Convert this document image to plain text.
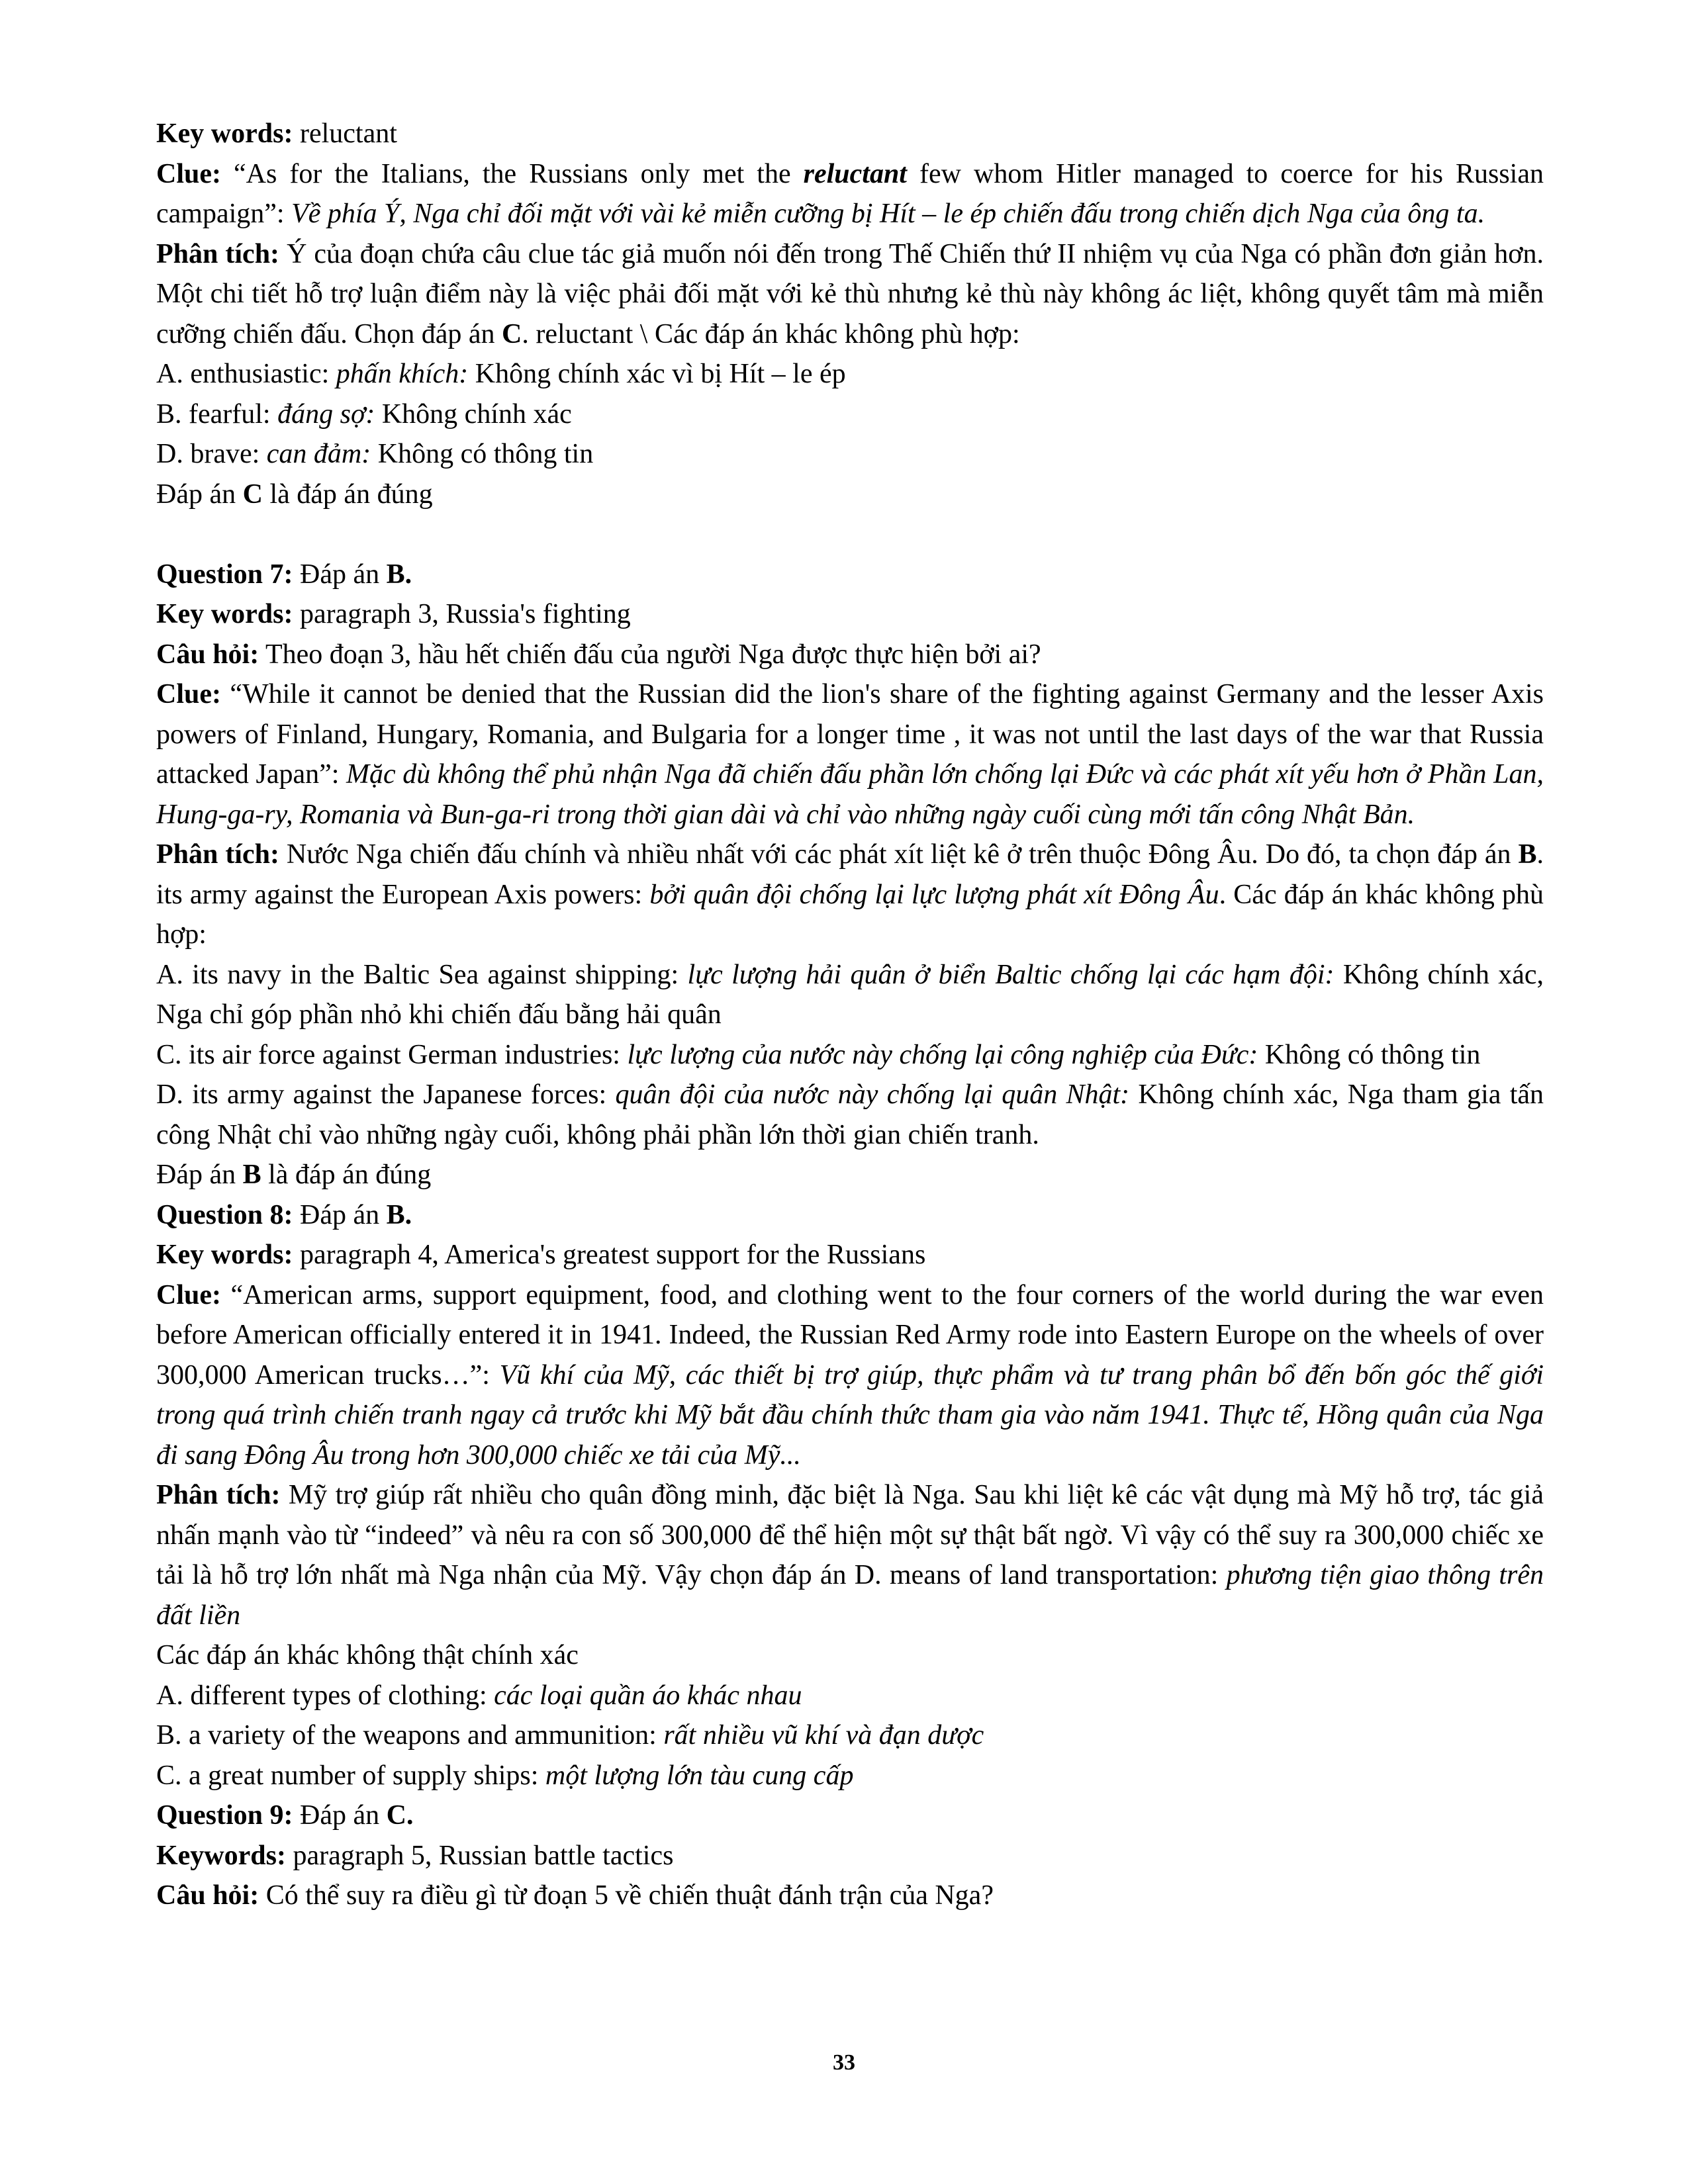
Key words: reluctant

Clue: “As for the Italians, the Russians only met the reluctant few whom Hitler managed to coerce for his Russian campaign”: Về phía Ý, Nga chỉ đối mặt với vài kẻ miễn cưỡng bị Hít – le ép chiến đấu trong chiến dịch Nga của ông ta.

Phân tích: Ý của đoạn chứa câu clue tác giả muốn nói đến trong Thế Chiến thứ II nhiệm vụ của Nga có phần đơn giản hơn. Một chi tiết hỗ trợ luận điểm này là việc phải đối mặt với kẻ thù nhưng kẻ thù này không ác liệt, không quyết tâm mà miễn cưỡng chiến đấu. Chọn đáp án C. reluctant \ Các đáp án khác không phù hợp:

A. enthusiastic: phấn khích: Không chính xác vì bị Hít – le ép

B. fearful: đáng sợ: Không chính xác

D. brave: can đảm: Không có thông tin

Đáp án C là đáp án đúng

Question 7: Đáp án B.

Key words: paragraph 3, Russia's fighting

Câu hỏi: Theo đoạn 3, hầu hết chiến đấu của người Nga được thực hiện bởi ai?

Clue: “While it cannot be denied that the Russian did the lion's share of the fighting against Germany and the lesser Axis powers of Finland, Hungary, Romania, and Bulgaria for a longer time , it was not until the last days of the war that Russia attacked Japan”: Mặc dù không thể phủ nhận Nga đã chiến đấu phần lớn chống lại Đức và các phát xít yếu hơn ở Phần Lan, Hung-ga-ry, Romania và Bun-ga-ri trong thời gian dài và chỉ vào những ngày cuối cùng mới tấn công Nhật Bản.

Phân tích: Nước Nga chiến đấu chính và nhiều nhất với các phát xít liệt kê ở trên thuộc Đông Âu. Do đó, ta chọn đáp án B. its army against the European Axis powers: bởi quân đội chống lại lực lượng phát xít Đông Âu. Các đáp án khác không phù hợp:

A. its navy in the Baltic Sea against shipping: lực lượng hải quân ở biển Baltic chống lại các hạm đội: Không chính xác, Nga chỉ góp phần nhỏ khi chiến đấu bằng hải quân

C. its air force against German industries: lực lượng của nước này chống lại công nghiệp của Đức: Không có thông tin

D. its army against the Japanese forces: quân đội của nước này chống lại quân Nhật: Không chính xác, Nga tham gia tấn công Nhật chỉ vào những ngày cuối, không phải phần lớn thời gian chiến tranh.

Đáp án B là đáp án đúng

Question 8: Đáp án B.

Key words: paragraph 4, America's greatest support for the Russians

Clue: “American arms, support equipment, food, and clothing went to the four corners of the world during the war even before American officially entered it in 1941. Indeed, the Russian Red Army rode into Eastern Europe on the wheels of over 300,000 American trucks…”: Vũ khí của Mỹ, các thiết bị trợ giúp, thực phẩm và tư trang phân bổ đến bốn góc thế giới trong quá trình chiến tranh ngay cả trước khi Mỹ bắt đầu chính thức tham gia vào năm 1941. Thực tế, Hồng quân của Nga đi sang Đông Âu trong hơn 300,000 chiếc xe tải của Mỹ...

Phân tích: Mỹ trợ giúp rất nhiều cho quân đồng minh, đặc biệt là Nga. Sau khi liệt kê các vật dụng mà Mỹ hỗ trợ, tác giả nhấn mạnh vào từ “indeed” và nêu ra con số 300,000 để thể hiện một sự thật bất ngờ. Vì vậy có thể suy ra 300,000 chiếc xe tải là hỗ trợ lớn nhất mà Nga nhận của Mỹ. Vậy chọn đáp án D. means of land transportation: phương tiện giao thông trên đất liền

Các đáp án khác không thật chính xác

A. different types of clothing: các loại quần áo khác nhau

B. a variety of the weapons and ammunition: rất nhiều vũ khí và đạn dược

C. a great number of supply ships: một lượng lớn tàu cung cấp

Question 9: Đáp án C.

Keywords: paragraph 5, Russian battle tactics

Câu hỏi: Có thể suy ra điều gì từ đoạn 5 về chiến thuật đánh trận của Nga?

33
